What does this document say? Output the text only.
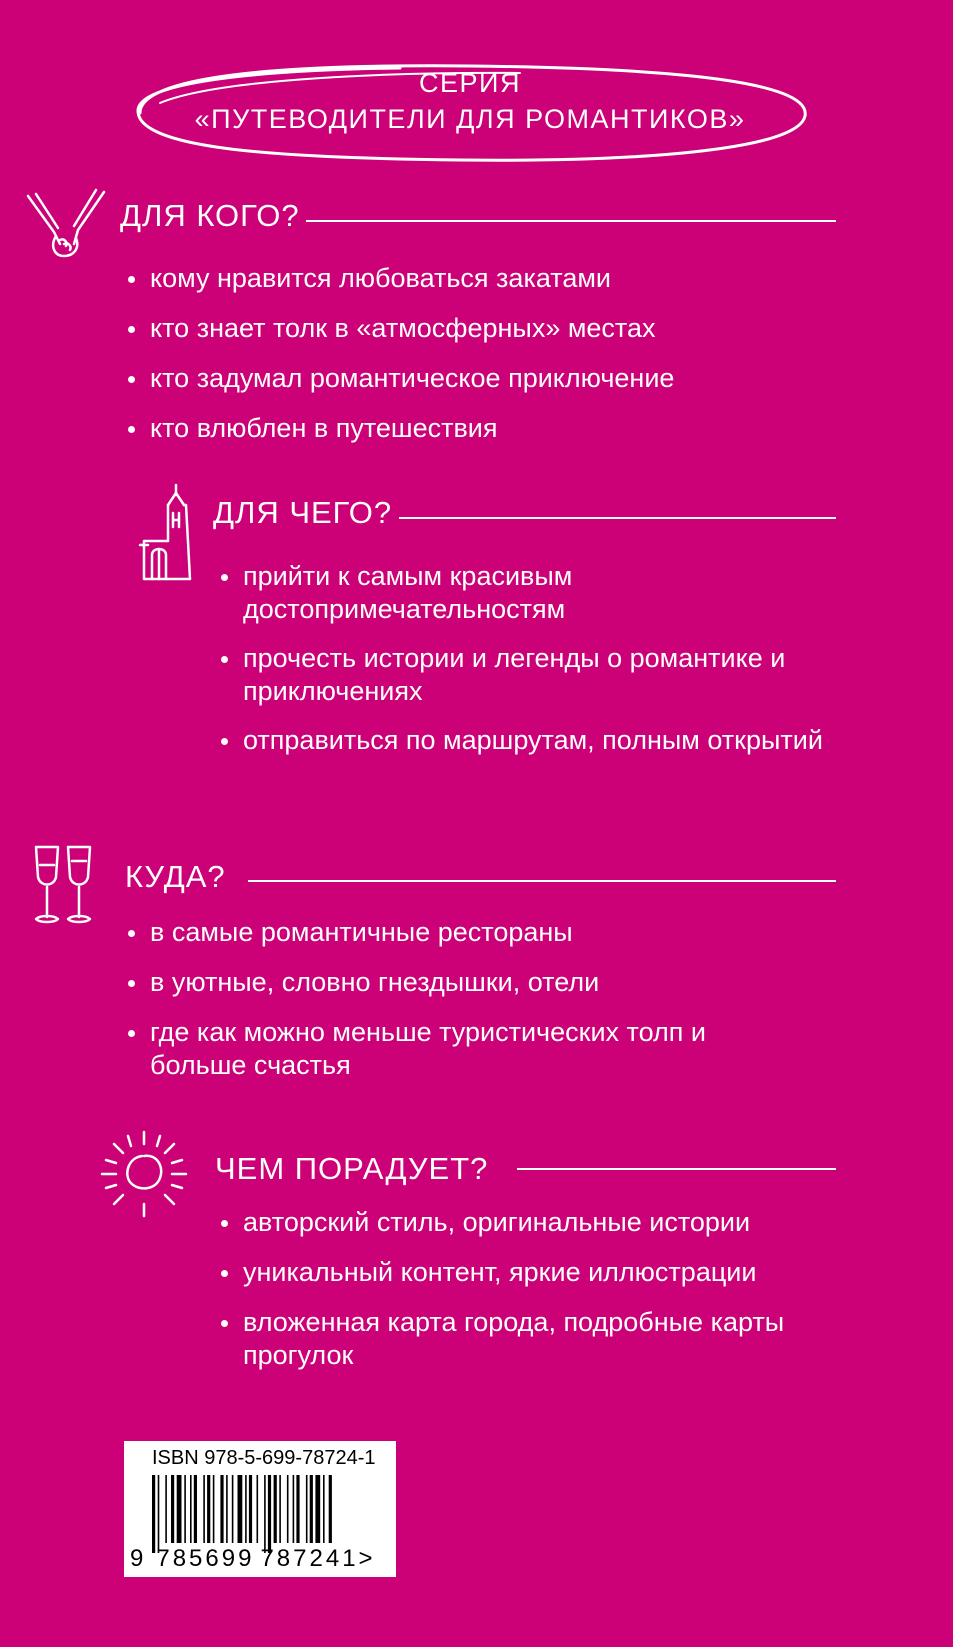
СЕРИЯ
«ПУТЕВОДИТЕЛИ ДЛЯ РОМАНТИКОВ»
ДЛЯ КОГО?
кому нравится любоваться закатами
кто знает толк в «атмосферных» местах
кто задумал романтическое приключение
кто влюблен в путешествия
ДЛЯ ЧЕГО?
прийти к самым красивым достопримечательностям
прочесть истории и легенды о романтике и приключениях
отправиться по маршрутам, полным открытий
КУДА?
в самые романтичные рестораны
в уютные, словно гнездышки, отели
где как можно меньше туристических толп и больше счастья
ЧЕМ ПОРАДУЕТ?
авторский стиль, оригинальные истории
уникальный контент, яркие иллюстрации
вложенная карта города, подробные карты прогулок
ISBN 978-5-699-78724-1
9 785699 787241>
